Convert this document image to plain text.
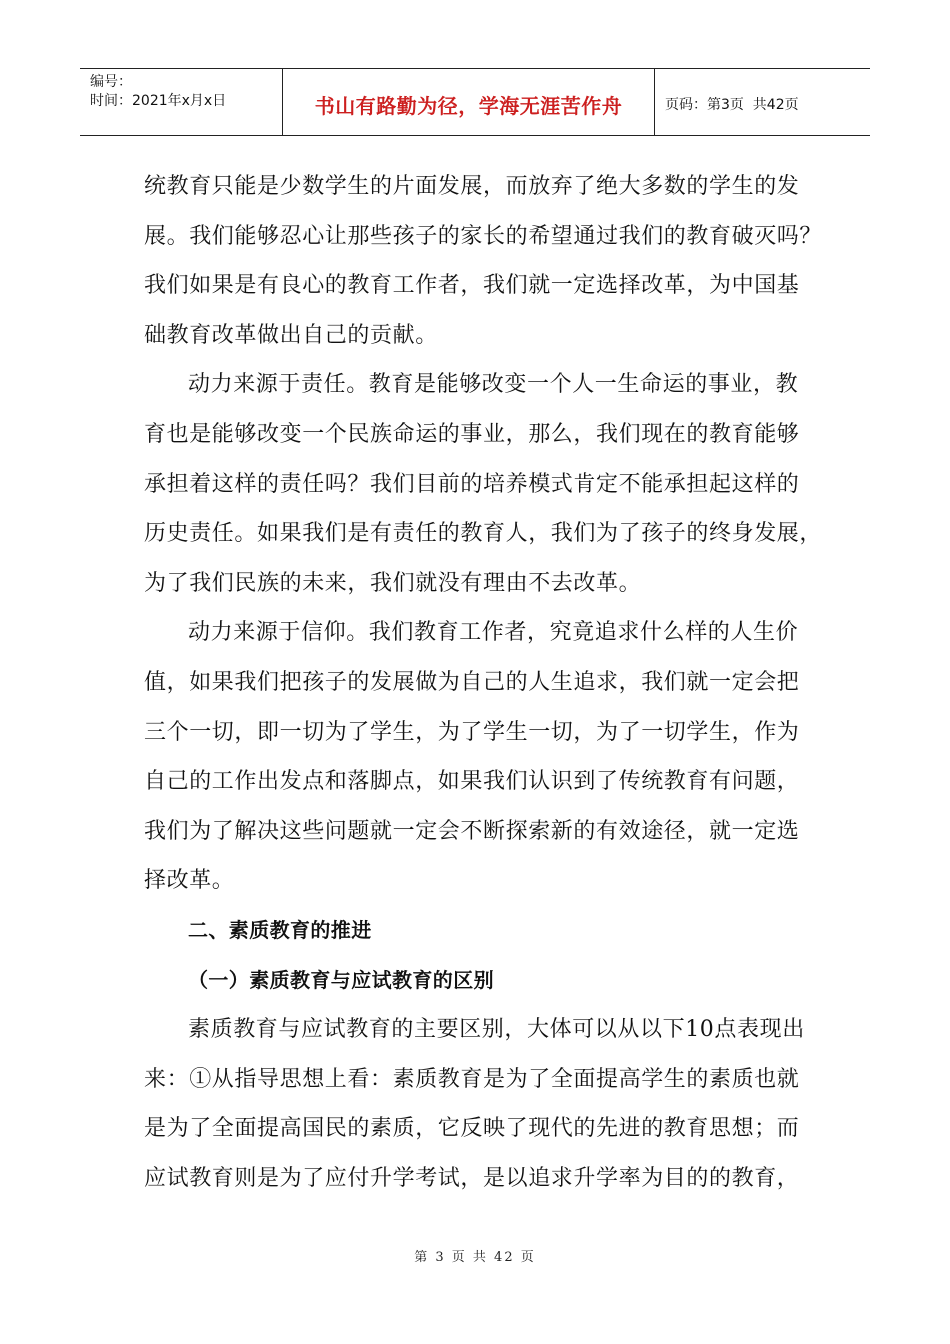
编号：
时间：2021年x月x日	书山有路勤为径，学海无涯苦作舟	页码：第3页  共42页
统教育只能是少数学生的片面发展，而放弃了绝大多数的学生的发
展。我们能够忍心让那些孩子的家长的希望通过我们的教育破灭吗？
我们如果是有良心的教育工作者，我们就一定选择改革，为中国基
础教育改革做出自己的贡献。
动力来源于责任。教育是能够改变一个人一生命运的事业，教
育也是能够改变一个民族命运的事业，那么，我们现在的教育能够
承担着这样的责任吗？我们目前的培养模式肯定不能承担起这样的
历史责任。如果我们是有责任的教育人，我们为了孩子的终身发展，
为了我们民族的未来，我们就没有理由不去改革。
动力来源于信仰。我们教育工作者，究竟追求什么样的人生价
值，如果我们把孩子的发展做为自己的人生追求，我们就一定会把
三个一切，即一切为了学生，为了学生一切，为了一切学生，作为
自己的工作出发点和落脚点，如果我们认识到了传统教育有问题，
我们为了解决这些问题就一定会不断探索新的有效途径，就一定选
择改革。
二、素质教育的推进
（一）素质教育与应试教育的区别
素质教育与应试教育的主要区别，大体可以从以下10点表现出
来：①从指导思想上看：素质教育是为了全面提高学生的素质也就
是为了全面提高国民的素质，它反映了现代的先进的教育思想；而
应试教育则是为了应付升学考试，是以追求升学率为目的的教育，
第 3 页 共 42 页
